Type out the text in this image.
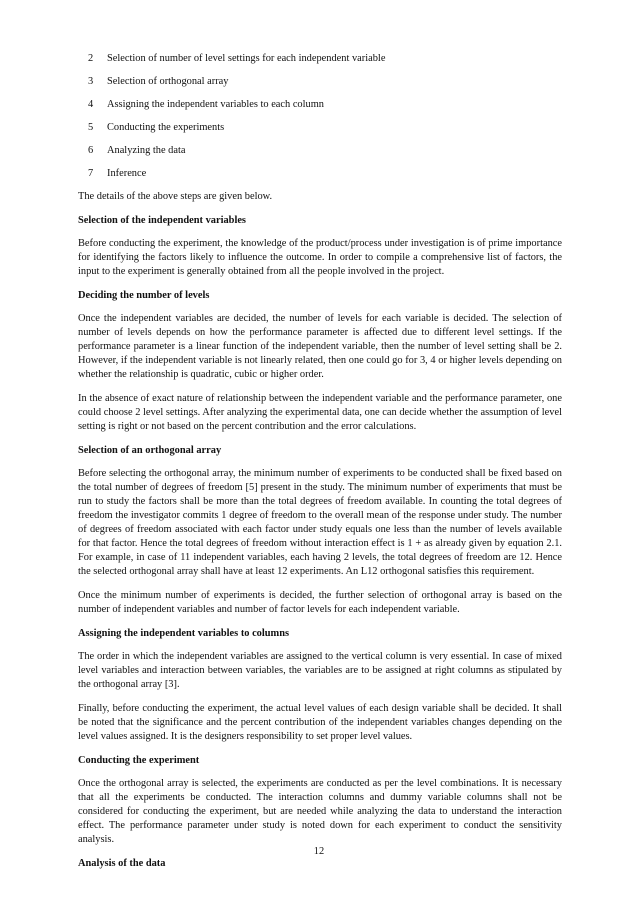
2 Selection of number of level settings for each independent variable
3 Selection of orthogonal array
4 Assigning the independent variables to each column
5 Conducting the experiments
6 Analyzing the data
7 Inference

The details of the above steps are given below.

Selection of the independent variables

Before conducting the experiment, the knowledge of the product/process under investigation is of prime importance for identifying the factors likely to influence the outcome. In order to compile a comprehensive list of factors, the input to the experiment is generally obtained from all the people involved in the project.

Deciding the number of levels

Once the independent variables are decided, the number of levels for each variable is decided. The selection of number of levels depends on how the performance parameter is affected due to different level settings. If the performance parameter is a linear function of the independent variable, then the number of level setting shall be 2. However, if the independent variable is not linearly related, then one could go for 3, 4 or higher levels depending on whether the relationship is quadratic, cubic or higher order.

In the absence of exact nature of relationship between the independent variable and the performance parameter, one could choose 2 level settings. After analyzing the experimental data, one can decide whether the assumption of level setting is right or not based on the percent contribution and the error calculations.

Selection of an orthogonal array

Before selecting the orthogonal array, the minimum number of experiments to be conducted shall be fixed based on the total number of degrees of freedom [5] present in the study. The minimum number of experiments that must be run to study the factors shall be more than the total degrees of freedom available. In counting the total degrees of freedom the investigator commits 1 degree of freedom to the overall mean of the response under study. The number of degrees of freedom associated with each factor under study equals one less than the number of levels available for that factor. Hence the total degrees of freedom without interaction effect is 1 + as already given by equation 2.1. For example, in case of 11 independent variables, each having 2 levels, the total degrees of freedom are 12. Hence the selected orthogonal array shall have at least 12 experiments. An L12 orthogonal satisfies this requirement.

Once the minimum number of experiments is decided, the further selection of orthogonal array is based on the number of independent variables and number of factor levels for each independent variable.

Assigning the independent variables to columns

The order in which the independent variables are assigned to the vertical column is very essential. In case of mixed level variables and interaction between variables, the variables are to be assigned at right columns as stipulated by the orthogonal array [3].

Finally, before conducting the experiment, the actual level values of each design variable shall be decided. It shall be noted that the significance and the percent contribution of the independent variables changes depending on the level values assigned. It is the designers responsibility to set proper level values.

Conducting the experiment

Once the orthogonal array is selected, the experiments are conducted as per the level combinations. It is necessary that all the experiments be conducted. The interaction columns and dummy variable columns shall not be considered for conducting the experiment, but are needed while analyzing the data to understand the interaction effect. The performance parameter under study is noted down for each experiment to conduct the sensitivity analysis.

Analysis of the data
12
